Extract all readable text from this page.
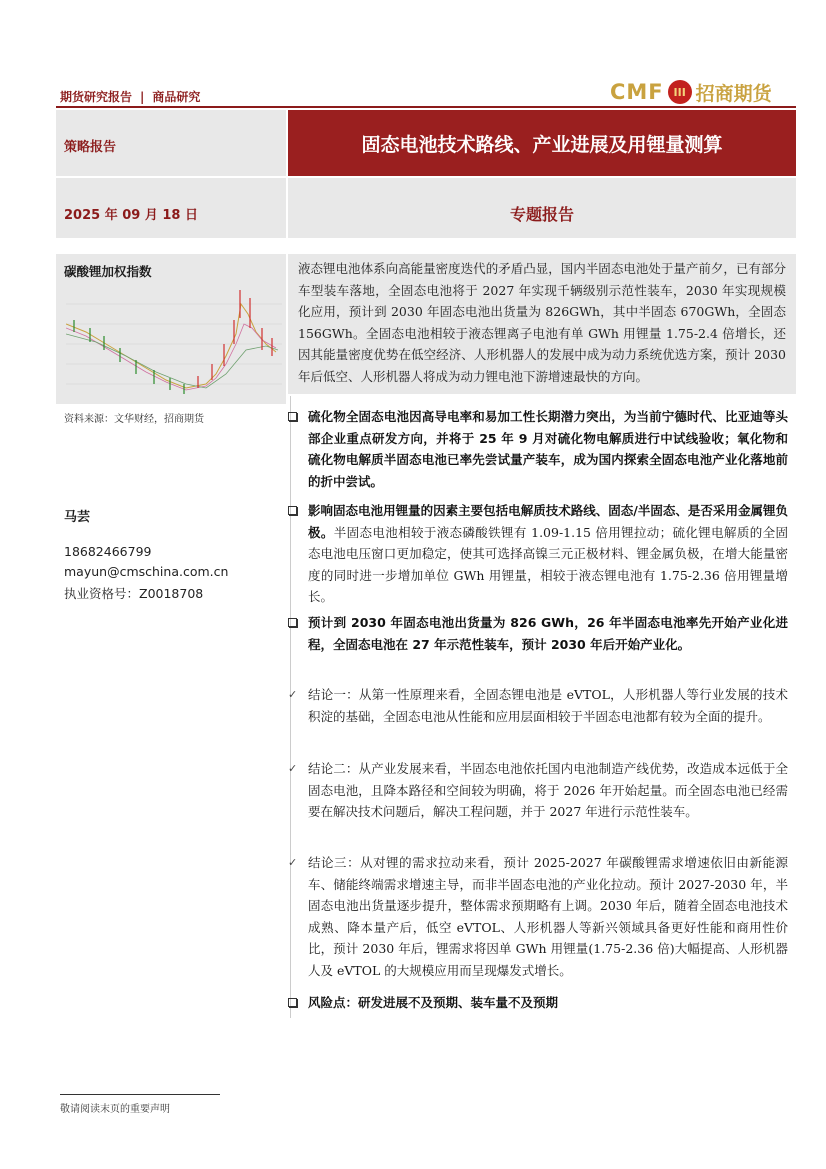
期货研究报告 | 商品研究	CMF III 招商期货
策略报告	固态电池技术路线、产业进展及用锂量测算
2025 年 09 月 18 日	专题报告
碳酸锂加权指数
资料来源：文华财经，招商期货
马芸
18682466799
mayun@cmschina.com.cn
执业资格号：Z0018708
液态锂电池体系向高能量密度迭代的矛盾凸显，国内半固态电池处于量产前夕，已有部分车型装车落地，全固态电池将于 2027 年实现千辆级别示范性装车，2030 年实现规模化应用，预计到 2030 年固态电池出货量为 826GWh，其中半固态 670GWh，全固态 156GWh。全固态电池相较于液态锂离子电池有单 GWh 用锂量 1.75-2.4 倍增长，还因其能量密度优势在低空经济、人形机器人的发展中成为动力系统优选方案，预计 2030 年后低空、人形机器人将成为动力锂电池下游增速最快的方向。
硫化物全固态电池因高导电率和易加工性长期潜力突出，为当前宁德时代、比亚迪等头部企业重点研发方向，并将于 25 年 9 月对硫化物电解质进行中试线验收；氧化物和硫化物电解质半固态电池已率先尝试量产装车，成为国内探索全固态电池产业化落地前的折中尝试。
影响固态电池用锂量的因素主要包括电解质技术路线、固态/半固态、是否采用金属锂负极。半固态电池相较于液态磷酸铁锂有 1.09-1.15 倍用锂拉动；硫化锂电解质的全固态电池电压窗口更加稳定，使其可选择高镍三元正极材料、锂金属负极，在增大能量密度的同时进一步增加单位 GWh 用锂量，相较于液态锂电池有 1.75-2.36 倍用锂量增长。
预计到 2030 年固态电池出货量为 826 GWh，26 年半固态电池率先开始产业化进程，全固态电池在 27 年示范性装车，预计 2030 年后开始产业化。
✓ 结论一：从第一性原理来看，全固态锂电池是 eVTOL，人形机器人等行业发展的技术积淀的基础，全固态电池从性能和应用层面相较于半固态电池都有较为全面的提升。
✓ 结论二：从产业发展来看，半固态电池依托国内电池制造产线优势，改造成本远低于全固态电池，且降本路径和空间较为明确，将于 2026 年开始起量。而全固态电池已经需要在解决技术问题后，解决工程问题，并于 2027 年进行示范性装车。
✓ 结论三：从对锂的需求拉动来看，预计 2025-2027 年碳酸锂需求增速依旧由新能源车、储能终端需求增速主导，而非半固态电池的产业化拉动。预计 2027-2030 年，半固态电池出货量逐步提升，整体需求预期略有上调。2030 年后，随着全固态电池技术成熟、降本量产后，低空 eVTOL、人形机器人等新兴领域具备更好性能和商用性价比，预计 2030 年后，锂需求将因单 GWh 用锂量(1.75-2.36 倍)大幅提高、人形机器人及 eVTOL 的大规模应用而呈现爆发式增长。
风险点：研发进展不及预期、装车量不及预期
敬请阅读末页的重要声明
